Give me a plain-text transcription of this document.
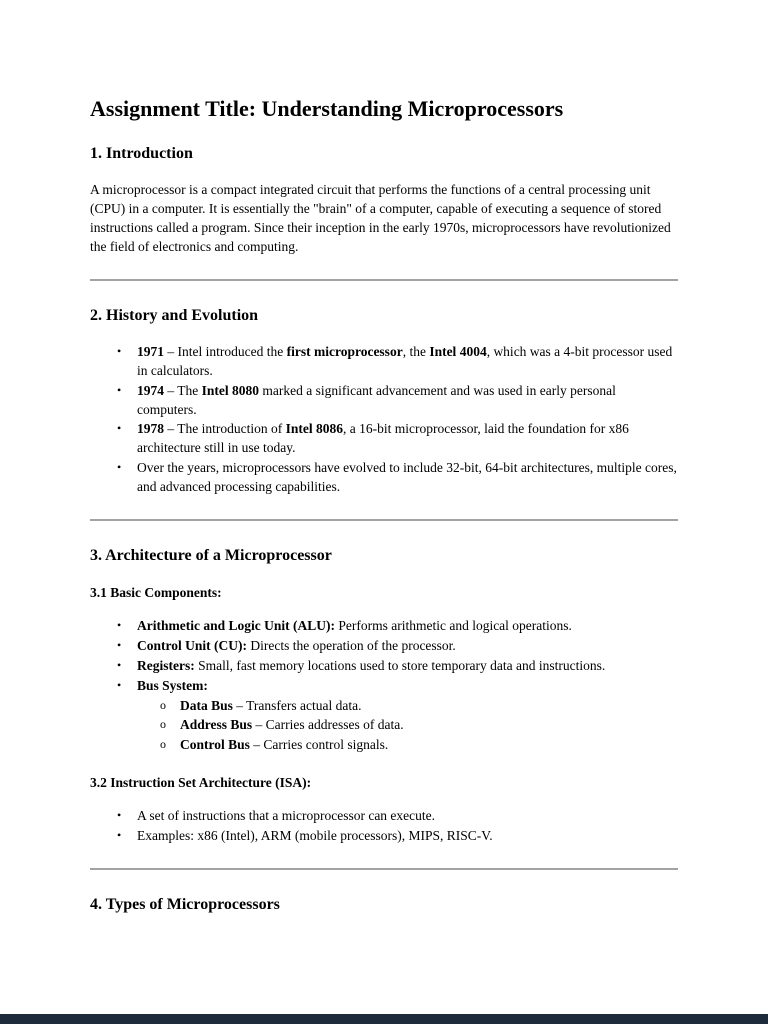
Assignment Title: Understanding Microprocessors
1. Introduction

A microprocessor is a compact integrated circuit that performs the functions of a central processing unit (CPU) in a computer. It is essentially the "brain" of a computer, capable of executing a sequence of stored instructions called a program. Since their inception in the early 1970s, microprocessors have revolutionized the field of electronics and computing.

2. History and Evolution
•	1971 – Intel introduced the first microprocessor, the Intel 4004, which was a 4-bit processor used in calculators.
•	1974 – The Intel 8080 marked a significant advancement and was used in early personal computers.
•	1978 – The introduction of Intel 8086, a 16-bit microprocessor, laid the foundation for x86 architecture still in use today.
•	Over the years, microprocessors have evolved to include 32-bit, 64-bit architectures, multiple cores, and advanced processing capabilities.
3. Architecture of a Microprocessor
3.1 Basic Components:
•	Arithmetic and Logic Unit (ALU): Performs arithmetic and logical operations.
•	Control Unit (CU): Directs the operation of the processor.
•	Registers: Small, fast memory locations used to store temporary data and instructions.
•	Bus System:
o	Data Bus – Transfers actual data.
o	Address Bus – Carries addresses of data.
o	Control Bus – Carries control signals.
3.2 Instruction Set Architecture (ISA):
•	A set of instructions that a microprocessor can execute.
•	Examples: x86 (Intel), ARM (mobile processors), MIPS, RISC-V.
4. Types of Microprocessors
